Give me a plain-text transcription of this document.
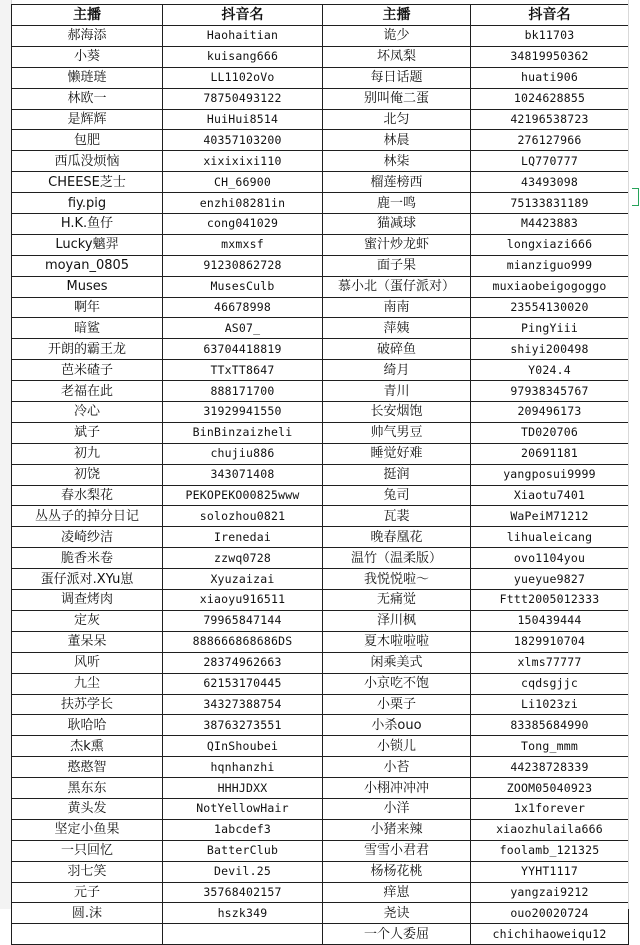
主播	抖音名	主播	抖音名
郝海添	Haohaitian	诡少	bk11703
小葵	kuisang666	坏凤梨	34819950362
懒琏琏	LL1102oVo	每日话题	huati906
林欧一	78750493122	别叫俺二蛋	1024628855
是辉辉	HuiHui8514	北匀	42196538723
包肥	40357103200	林晨	276127966
西瓜没烦恼	xixixixi110	林柒	LQ770777
CHEESE芝士	CH_66900	榴莲榜西	43493098
fiy.pig	enzhi08281in	鹿一鸣	75133831189
H.K.鱼仔	cong041029	猫减球	M4423883
Lucky魑羿	mxmxsf	蜜汁炒龙虾	longxiazi666
moyan_0805	91230862728	面子果	mianziguo999
Muses	MusesCulb	慕小北（蛋仔派对）	muxiaobeigogoggo
啊年	46678998	南南	23554130020
暗鲨	AS07_	萍姨	PingYiii
开朗的霸王龙	63704418819	破碎鱼	shiyi200498
芭米碴子	TTxTT8647	绮月	Y024.4
老福在此	888171700	青川	97938345767
冷心	31929941550	长安烟饱	209496173
斌子	BinBinzaizheli	帅气男豆	TD020706
初九	chujiu886	睡觉好难	20691181
初饶	343071408	挺润	yangposui9999
春水梨花	PEKOPEKO00825www	兔司	Xiaotu7401
丛丛子的掉分日记	solozhou0821	瓦裴	WaPeiM71212
凌崎纱洁	Irenedai	晚春凰花	lihualeicang
脆香米卷	zzwq0728	温竹（温柔版）	ovo1104you
蛋仔派对.XYu崽	Xyuzaizai	我悦悦啦～	yueyue9827
调查烤肉	xiaoyu916511	无痛觉	Fttt2005012333
定灰	79965847144	泽川枫	150439444
董呆呆	888666868686DS	夏木啦啦啦	1829910704
风听	28374962663	闲乘美式	xlms77777
九尘	62153170445	小京吃不饱	cqdsgjjc
扶苏学长	34327388754	小栗子	Li1023zi
耿哈哈	38763273551	小杀ouo	83385684990
杰k熏	QInShoubei	小锁儿	Tong_mmm
憨憨智	hqnhanzhi	小苔	44238728339
黑东东	HHHJDXX	小栩冲冲冲	ZOOM05040923
黄头发	NotYellowHair	小洋	1x1forever
坚定小鱼果	1abcdef3	小猪来辣	xiaozhulaila666
一只回忆	BatterClub	雪雪小君君	foolamb_121325
羽七笑	Devil.25	杨杨花桃	YYHT1117
元子	35768402157	痒崽	yangzai9212
圆.沫	hszk349	尧诀	ouo20020724
		一个人委屈	chichihaoweiqu12
